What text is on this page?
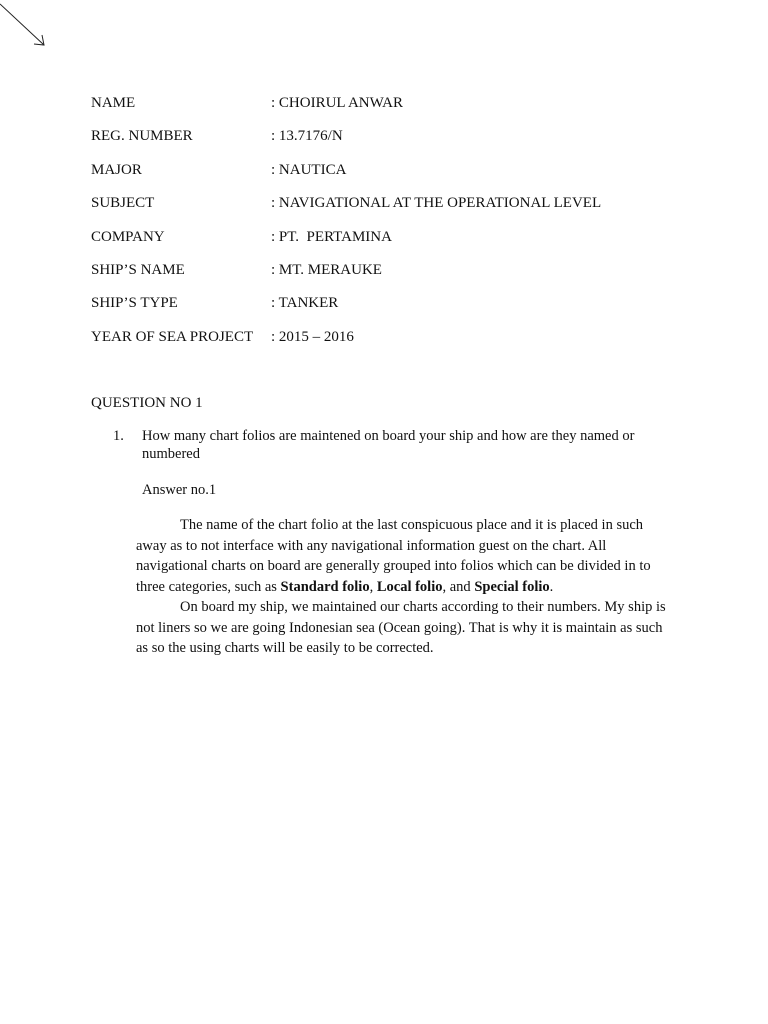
NAME	: CHOIRUL ANWAR
REG. NUMBER	: 13.7176/N
MAJOR	: NAUTICA
SUBJECT	: NAVIGATIONAL AT THE OPERATIONAL LEVEL
COMPANY	: PT.  PERTAMINA
SHIP’S NAME	: MT. MERAUKE
SHIP’S TYPE	: TANKER
YEAR OF SEA PROJECT	: 2015 – 2016
QUESTION NO 1
1.	How many chart folios are maintened on board your ship and how are they named or numbered
Answer no.1

The name of the chart folio at the last conspicuous place and it is placed in such away as to not interface with any navigational information guest on the chart. All navigational charts on board are generally grouped into folios which can be divided in to three categories, such as Standard folio, Local folio, and Special folio.

On board my ship, we maintained our charts according to their numbers. My ship is not liners so we are going Indonesian sea (Ocean going). That is why it is maintain as such as so the using charts will be easily to be corrected.
